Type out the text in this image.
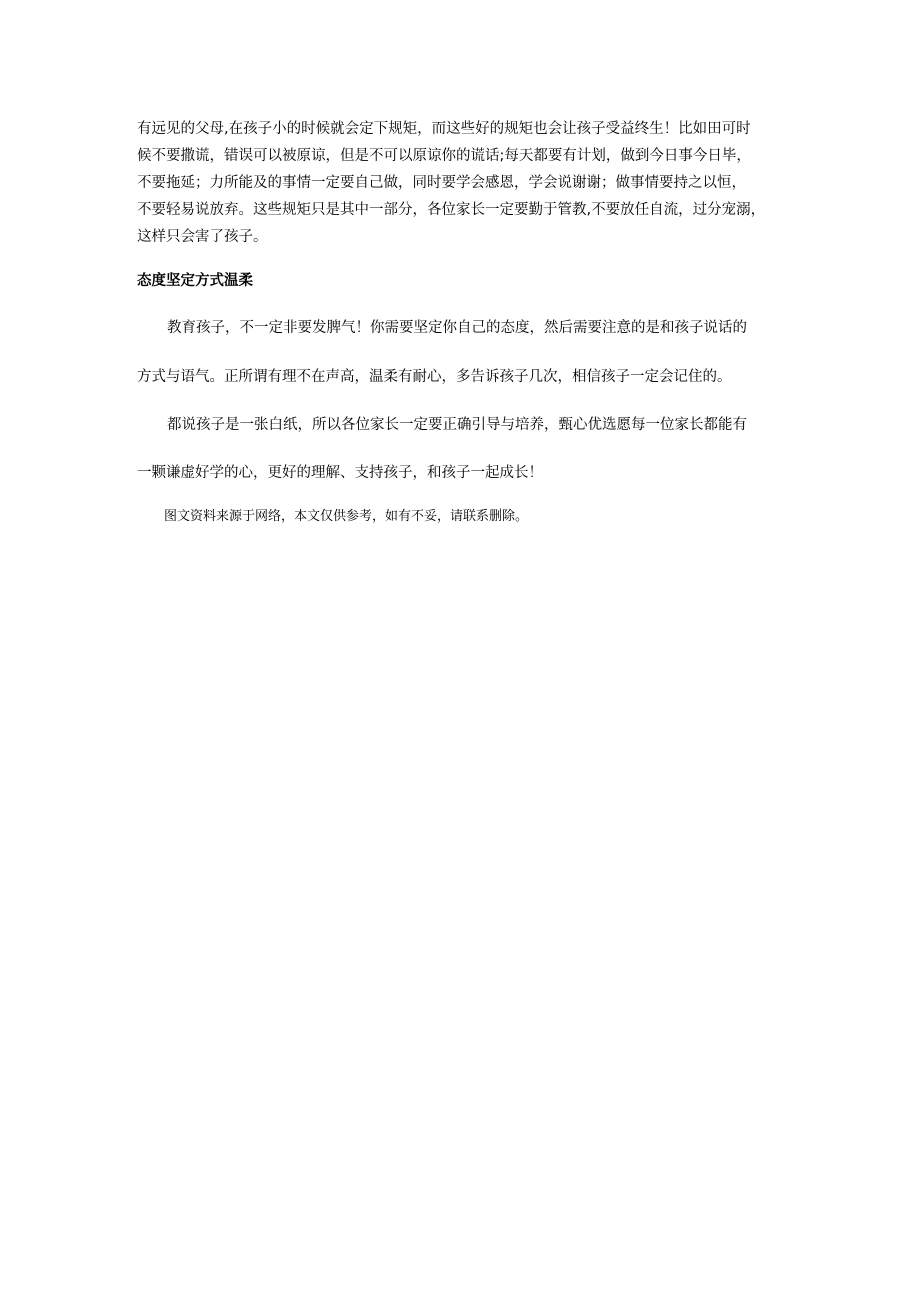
有远见的父母,在孩子小的时候就会定下规矩，而这些好的规矩也会让孩子受益终生！比如田可时
候不要撒谎，错误可以被原谅，但是不可以原谅你的谎话;每天都要有计划，做到今日事今日毕，
不要拖延；力所能及的事情一定要自己做，同时要学会感恩，学会说谢谢；做事情要持之以恒，
不要轻易说放弃。这些规矩只是其中一部分，各位家长一定要勤于管教,不要放任自流，过分宠溺，
这样只会害了孩子。
态度坚定方式温柔
教育孩子，不一定非要发脾气！你需要坚定你自己的态度，然后需要注意的是和孩子说话的
方式与语气。正所谓有理不在声高，温柔有耐心，多告诉孩子几次，相信孩子一定会记住的。
都说孩子是一张白纸，所以各位家长一定要正确引导与培养，甄心优选愿每一位家长都能有
一颗谦虚好学的心，更好的理解、支持孩子，和孩子一起成长！
图文资料来源于网络，本文仅供参考，如有不妥，请联系删除。
